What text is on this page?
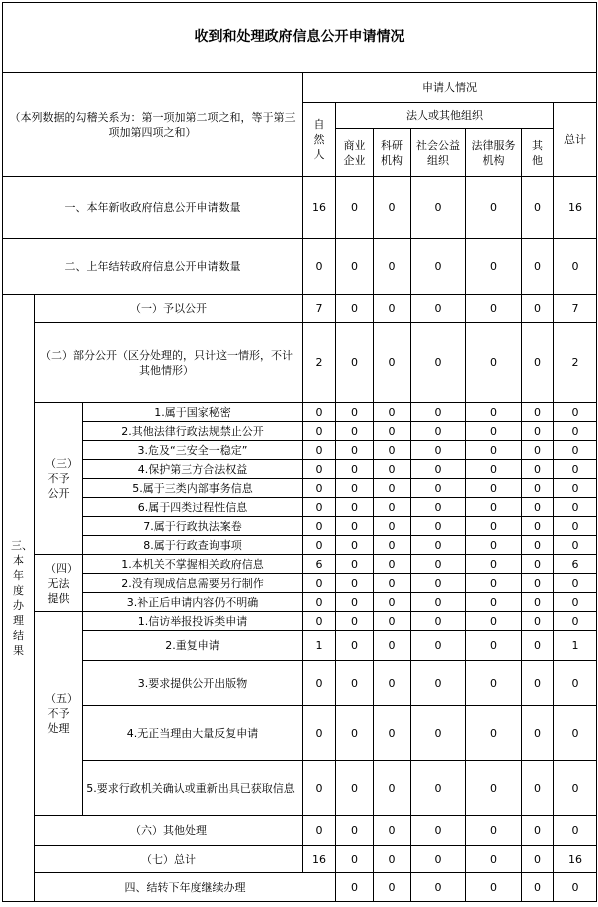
收到和处理政府信息公开申请情况										
（本列数据的勾稽关系为：第一项加第二项之和，等于第三项加第四项之和）			申请人情况							
			自然人	法人或其他组织					总计	
				商业企业	科研机构	社会公益组织	法律服务机构	其他		
一、本年新收政府信息公开申请数量			16	0	0	0	0	0	16	
二、上年结转政府信息公开申请数量			0	0	0	0	0	0	0	
三、本年度办理结果	（一）予以公开		7	0	0	0	0	0	7	
	（二）部分公开（区分处理的，只计这一情形，不计其他情形）		2	0	0	0	0	0	2	
	（三）不予公开	1.属于国家秘密	0	0	0	0	0	0	0	
		2.其他法律行政法规禁止公开	0	0	0	0	0	0	0	
		3.危及“三安全一稳定”	0	0	0	0	0	0	0	
		4.保护第三方合法权益	0	0	0	0	0	0	0	
		5.属于三类内部事务信息	0	0	0	0	0	0	0	
		6.属于四类过程性信息	0	0	0	0	0	0	0	
		7.属于行政执法案卷	0	0	0	0	0	0	0	
		8.属于行政查询事项	0	0	0	0	0	0	0	
	（四）无法提供	1.本机关不掌握相关政府信息	6	0	0	0	0	0	6	
		2.没有现成信息需要另行制作	0	0	0	0	0	0	0	
		3.补正后申请内容仍不明确	0	0	0	0	0	0	0	
	（五）不予处理	1.信访举报投诉类申请	0	0	0	0	0	0	0	
		2.重复申请	1	0	0	0	0	0	1	
		3.要求提供公开出版物	0	0	0	0	0	0	0	
		4.无正当理由大量反复申请	0	0	0	0	0	0	0	
		5.要求行政机关确认或重新出具已获取信息	0	0	0	0	0	0	0	
	（六）其他处理		0	0	0	0	0	0	0	
	（七）总计		16	0	0	0	0	0	16	
	四、结转下年度继续办理			0	0	0	0	0	0	
